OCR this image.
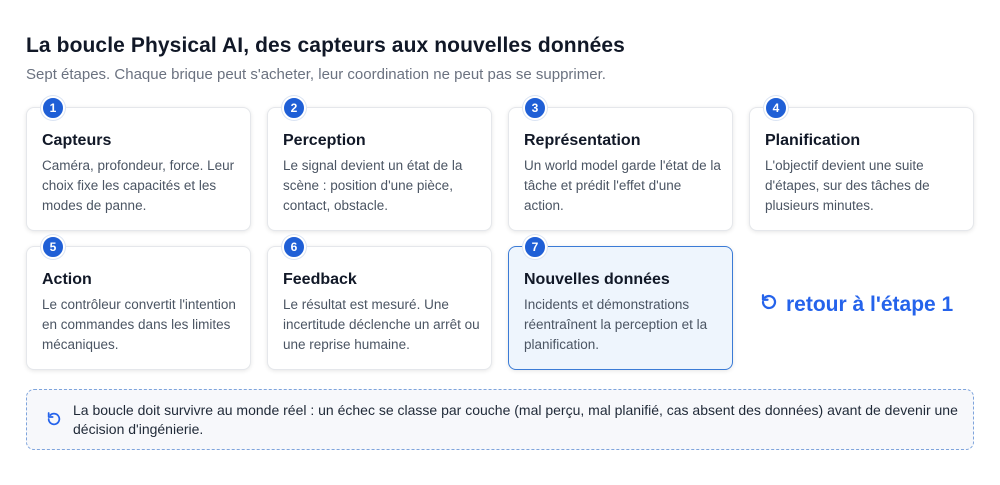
La boucle Physical AI, des capteurs aux nouvelles données
Sept étapes. Chaque brique peut s'acheter, leur coordination ne peut pas se supprimer.
1
Capteurs
Caméra, profondeur, force. Leur choix fixe les capacités et les modes de panne.
2
Perception
Le signal devient un état de la scène : position d'une pièce, contact, obstacle.
3
Représentation
Un world model garde l'état de la tâche et prédit l'effet d'une action.
4
Planification
L'objectif devient une suite d'étapes, sur des tâches de plusieurs minutes.
5
Action
Le contrôleur convertit l'intention en commandes dans les limites mécaniques.
6
Feedback
Le résultat est mesuré. Une incertitude déclenche un arrêt ou une reprise humaine.
7
Nouvelles données
Incidents et démonstrations réentraînent la perception et la planification.
retour à l'étape 1
La boucle doit survivre au monde réel : un échec se classe par couche (mal perçu, mal planifié, cas absent des données) avant de devenir une décision d'ingénierie.
